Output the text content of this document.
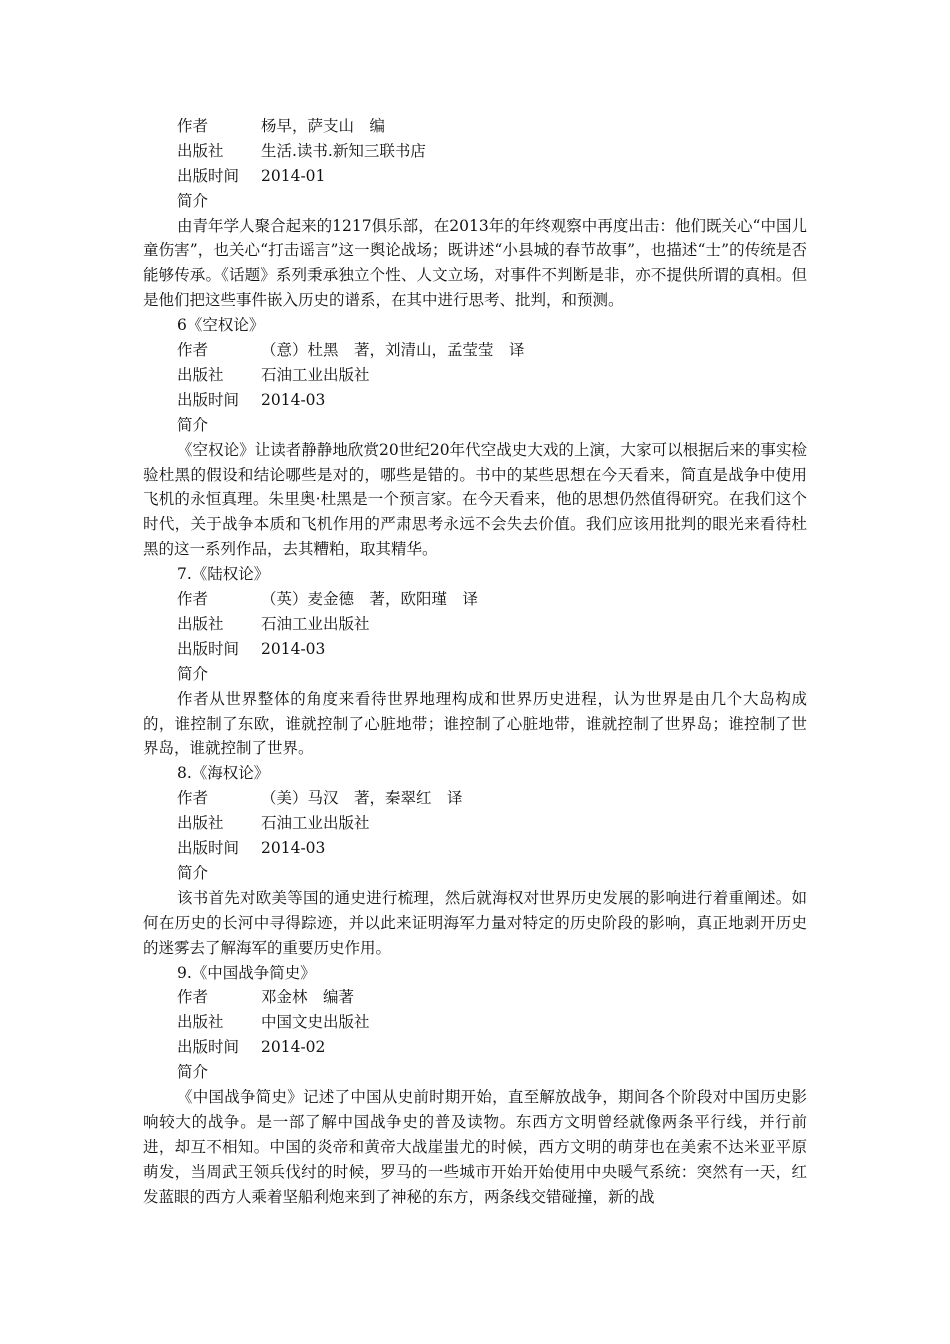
作者	杨早，萨支山　编
出版社	生活.读书.新知三联书店
出版时间	2014-01
简介

由青年学人聚合起来的1217俱乐部，在2013年的年终观察中再度出击：他们既关心“中国儿童伤害”，也关心“打击谣言”这一舆论战场；既讲述“小县城的春节故事”，也描述“士”的传统是否能够传承。《话题》系列秉承独立个性、人文立场，对事件不判断是非，亦不提供所谓的真相。但是他们把这些事件嵌入历史的谱系，在其中进行思考、批判，和预测。

6《空权论》
作者	（意）杜黑　著，刘清山，孟莹莹　译
出版社	石油工业出版社
出版时间	2014-03
简介

《空权论》让读者静静地欣赏20世纪20年代空战史大戏的上演，大家可以根据后来的事实检验杜黑的假设和结论哪些是对的，哪些是错的。书中的某些思想在今天看来，简直是战争中使用飞机的永恒真理。朱里奥·杜黑是一个预言家。在今天看来，他的思想仍然值得研究。在我们这个时代，关于战争本质和飞机作用的严肃思考永远不会失去价值。我们应该用批判的眼光来看待杜黑的这一系列作品，去其糟粕，取其精华。

7.《陆权论》
作者	（英）麦金德　著，欧阳瑾　译
出版社	石油工业出版社
出版时间	2014-03
简介

作者从世界整体的角度来看待世界地理构成和世界历史进程，认为世界是由几个大岛构成的，谁控制了东欧，谁就控制了心脏地带；谁控制了心脏地带，谁就控制了世界岛；谁控制了世界岛，谁就控制了世界。

8.《海权论》
作者	（美）马汉　著，秦翠红　译
出版社	石油工业出版社
出版时间	2014-03
简介

该书首先对欧美等国的通史进行梳理，然后就海权对世界历史发展的影响进行着重阐述。如何在历史的长河中寻得踪迹，并以此来证明海军力量对特定的历史阶段的影响，真正地剥开历史的迷雾去了解海军的重要历史作用。

9.《中国战争简史》
作者	邓金林　编著
出版社	中国文史出版社
出版时间	2014-02
简介

《中国战争简史》记述了中国从史前时期开始，直至解放战争，期间各个阶段对中国历史影响较大的战争。是一部了解中国战争史的普及读物。东西方文明曾经就像两条平行线，并行前进，却互不相知。中国的炎帝和黄帝大战崖蚩尤的时候，西方文明的萌芽也在美索不达米亚平原萌发，当周武王领兵伐纣的时候，罗马的一些城市开始开始使用中央暖气系统：突然有一天，红发蓝眼的西方人乘着坚船利炮来到了神秘的东方，两条线交错碰撞，新的战
